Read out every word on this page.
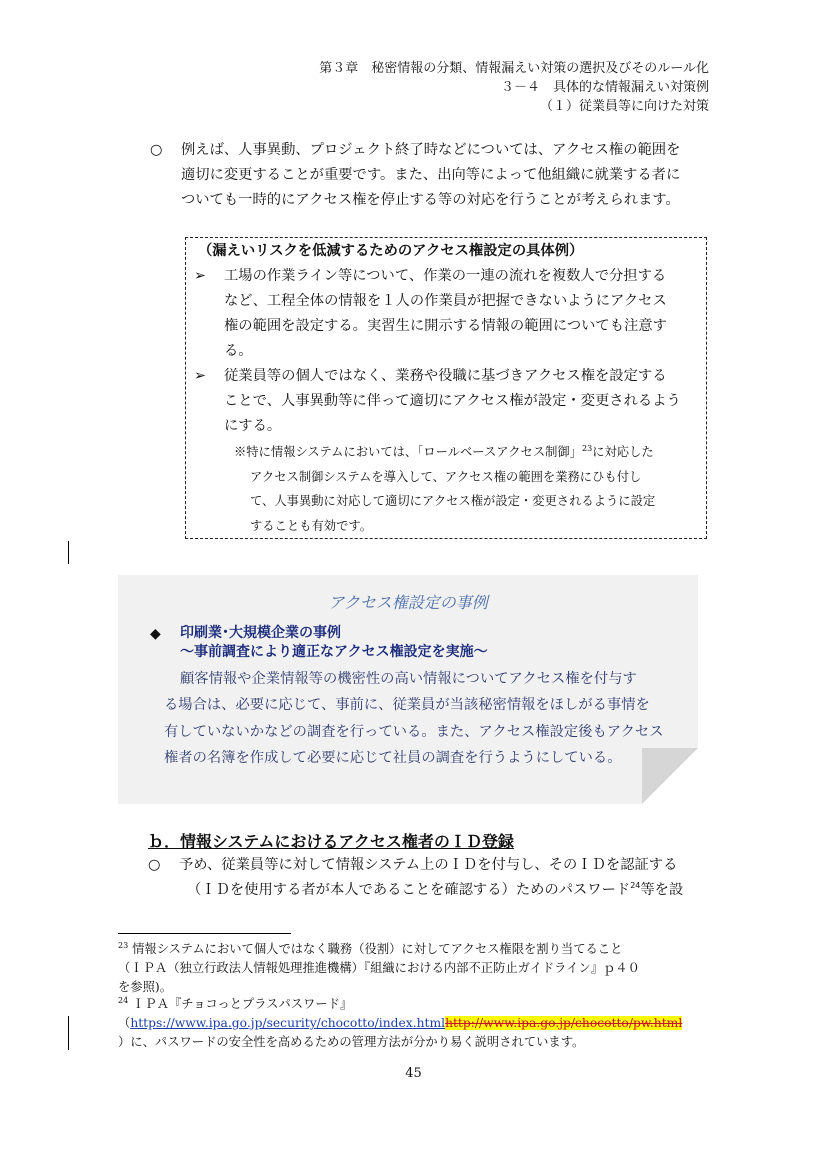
第３章　秘密情報の分類、情報漏えい対策の選択及びそのルール化
３－４　具体的な情報漏えい対策例
（１）従業員等に向けた対策
○ 例えば、人事異動、プロジェクト終了時などについては、アクセス権の範囲を
適切に変更することが重要です。また、出向等によって他組織に就業する者に
ついても一時的にアクセス権を停止する等の対応を行うことが考えられます。
（漏えいリスクを低減するためのアクセス権設定の具体例）
➢ 工場の作業ライン等について、作業の一連の流れを複数人で分担する
など、工程全体の情報を１人の作業員が把握できないようにアクセス
権の範囲を設定する。実習生に開示する情報の範囲についても注意す
る。
➢ 従業員等の個人ではなく、業務や役職に基づきアクセス権を設定する
ことで、人事異動等に伴って適切にアクセス権が設定・変更されるよう
にする。
※特に情報システムにおいては、「ロールベースアクセス制御」$^{23}$に対応した
アクセス制御システムを導入して、アクセス権の範囲を業務にひも付し
て、人事異動に対応して適切にアクセス権が設定・変更されるように設定
することも有効です。
アクセス権設定の事例
◆ 印刷業･大規模企業の事例
～事前調査により適正なアクセス権設定を実施～
顧客情報や企業情報等の機密性の高い情報についてアクセス権を付与す
る場合は、必要に応じて、事前に、従業員が当該秘密情報をほしがる事情を
有していないかなどの調査を行っている。また、アクセス権設定後もアクセス
権者の名簿を作成して必要に応じて社員の調査を行うようにしている。
ｂ．情報システムにおけるアクセス権者のＩＤ登録
○ 予め、従業員等に対して情報システム上のＩＤを付与し、そのＩＤを認証する
（ＩＤを使用する者が本人であることを確認する）ためのパスワード$^{24}$等を設
$^{23}$ 情報システムにおいて個人ではなく職務（役割）に対してアクセス権限を割り当てること
（ＩＰＡ（独立行政法人情報処理推進機構）『組織における内部不正防止ガイドライン』ｐ４０
を参照)。
$^{24}$ ＩＰＡ『チョコっとプラスパスワード』
（https://www.ipa.go.jp/security/chocotto/index.htmlhttp://www.ipa.go.jp/chocotto/pw.html
）に、パスワードの安全性を高めるための管理方法が分かり易く説明されています。
45
